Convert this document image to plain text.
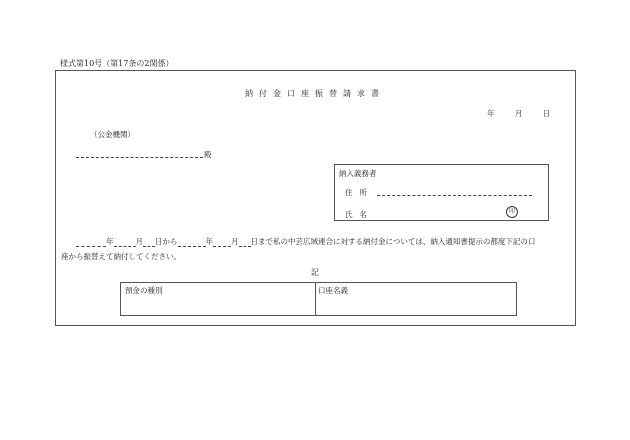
様式第10号（第17条の2関係）
納付金口座振替請求書
年 月 日
（公金機関）
殿
納入義務者
住所
氏名	印
年	月 日から	年 月 日まで私の中芸広域連合に対する納付金については、納入通知書提示の都度下記の口
座から振替えて納付してください。
記
預金の種別	口座名義
